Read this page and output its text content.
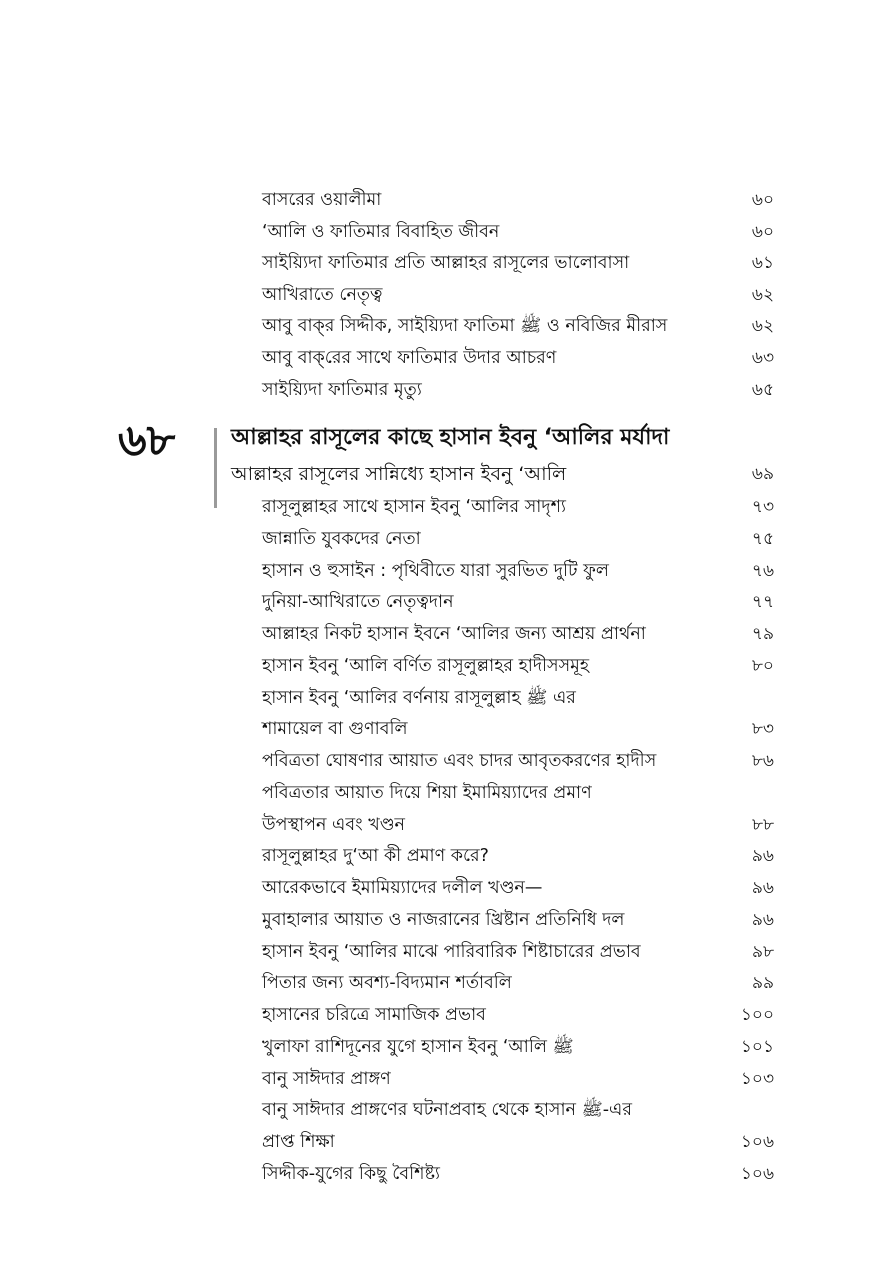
বাসরের ওয়ালীমা	৬০
‘আলি ও ফাতিমার বিবাহিত জীবন	৬০
সাইয়্যিদা ফাতিমার প্রতি আল্লাহর রাসূলের ভালোবাসা	৬১
আখিরাতে নেতৃত্ব	৬২
আবু বাক্‌র সিদ্দীক, সাইয়্যিদা ফাতিমা ﷺ ও নবিজির মীরাস	৬২
আবু বাক্‌রের সাথে ফাতিমার উদার আচরণ	৬৩
সাইয়্যিদা ফাতিমার মৃত্যু	৬৫
৬৮	আল্লাহর রাসূলের কাছে হাসান ইবনু ‘আলির মর্যাদা
আল্লাহর রাসূলের সান্নিধ্যে হাসান ইবনু ‘আলি	৬৯
রাসূলুল্লাহর সাথে হাসান ইবনু ‘আলির সাদৃশ্য	৭৩
জান্নাতি যুবকদের নেতা	৭৫
হাসান ও হুসাইন : পৃথিবীতে যারা সুরভিত দুটি ফুল	৭৬
দুনিয়া-আখিরাতে নেতৃত্বদান	৭৭
আল্লাহর নিকট হাসান ইবনে ‘আলির জন্য আশ্রয় প্রার্থনা	৭৯
হাসান ইবনু ‘আলি বর্ণিত রাসূলুল্লাহর হাদীসসমূহ	৮০
হাসান ইবনু ‘আলির বর্ণনায় রাসূলুল্লাহ ﷺ এর
শামায়েল বা গুণাবলি	৮৩
পবিত্রতা ঘোষণার আয়াত এবং চাদর আবৃতকরণের হাদীস	৮৬
পবিত্রতার আয়াত দিয়ে শিয়া ইমামিয়্যাদের প্রমাণ
উপস্থাপন এবং খণ্ডন	৮৮
রাসূলুল্লাহর দু‘আ কী প্রমাণ করে?	৯৬
আরেকভাবে ইমামিয়্যাদের দলীল খণ্ডন—	৯৬
মুবাহালার আয়াত ও নাজরানের খ্রিষ্টান প্রতিনিধি দল	৯৬
হাসান ইবনু ‘আলির মাঝে পারিবারিক শিষ্টাচারের প্রভাব	৯৮
পিতার জন্য অবশ্য-বিদ্যমান শর্তাবলি	৯৯
হাসানের চরিত্রে সামাজিক প্রভাব	১০০
খুলাফা রাশিদূনের যুগে হাসান ইবনু ‘আলি ﷺ	১০১
বানু সাঈদার প্রাঙ্গণ	১০৩
বানু সাঈদার প্রাঙ্গণের ঘটনাপ্রবাহ থেকে হাসান ﷺ-এর
প্রাপ্ত শিক্ষা	১০৬
সিদ্দীক-যুগের কিছু বৈশিষ্ট্য	১০৬
